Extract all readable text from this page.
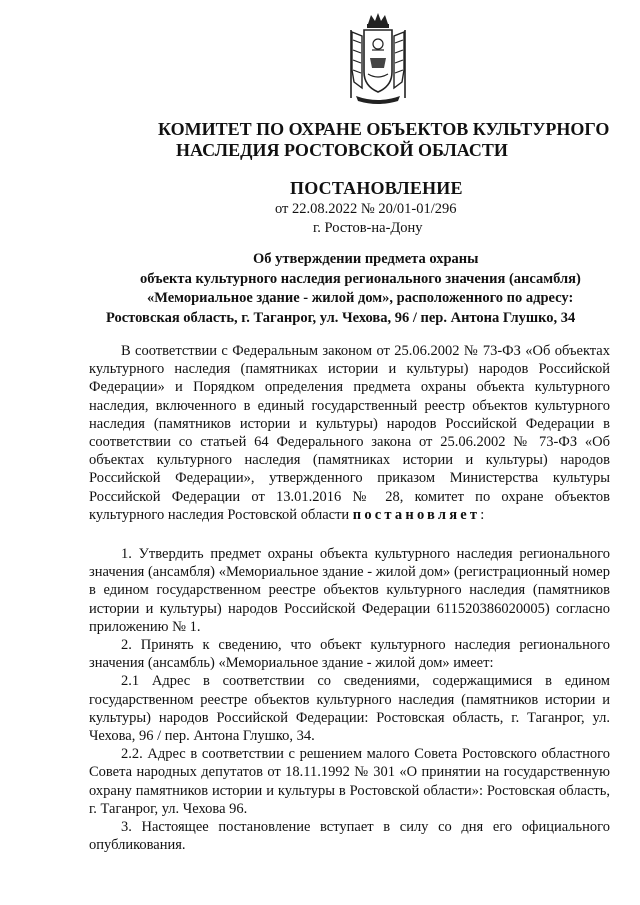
КОМИТЕТ ПО ОХРАНЕ ОБЪЕКТОВ КУЛЬТУРНОГО
НАСЛЕДИЯ РОСТОВСКОЙ ОБЛАСТИ
ПОСТАНОВЛЕНИЕ
от 22.08.2022 № 20/01-01/296
г. Ростов-на-Дону
Об утверждении предмета охраны
объекта культурного наследия регионального значения (ансамбля)
«Мемориальное здание - жилой дом», расположенного по адресу:
Ростовская область, г. Таганрог, ул. Чехова, 96 / пер. Антона Глушко, 34

В соответствии с Федеральным законом от 25.06.2002 № 73-ФЗ «Об объектах культурного наследия (памятниках истории и культуры) народов Российской Федерации» и Порядком определения предмета охраны объекта культурного наследия, включенного в единый государственный реестр объектов культурного наследия (памятников истории и культуры) народов Российской Федерации в соответствии со статьей 64 Федерального закона от 25.06.2002 № 73-ФЗ «Об объектах культурного наследия (памятниках истории и культуры) народов Российской Федерации», утвержденного приказом Министерства культуры Российской Федерации от 13.01.2016 № 28, комитет по охране объектов культурного наследия Ростовской области постановляет:

1. Утвердить предмет охраны объекта культурного наследия регионального значения (ансамбля) «Мемориальное здание - жилой дом» (регистрационный номер в едином государственном реестре объектов культурного наследия (памятников истории и культуры) народов Российской Федерации 611520386020005) согласно приложению № 1.

2. Принять к сведению, что объект культурного наследия регионального значения (ансамбль) «Мемориальное здание - жилой дом» имеет:

2.1 Адрес в соответствии со сведениями, содержащимися в едином государственном реестре объектов культурного наследия (памятников истории и культуры) народов Российской Федерации: Ростовская область, г. Таганрог, ул. Чехова, 96 / пер. Антона Глушко, 34.

2.2. Адрес в соответствии с решением малого Совета Ростовского областного Совета народных депутатов от 18.11.1992 № 301 «О принятии на государственную охрану памятников истории и культуры в Ростовской области»: Ростовская область, г. Таганрог, ул. Чехова 96.

3. Настоящее постановление вступает в силу со дня его официального опубликования.
